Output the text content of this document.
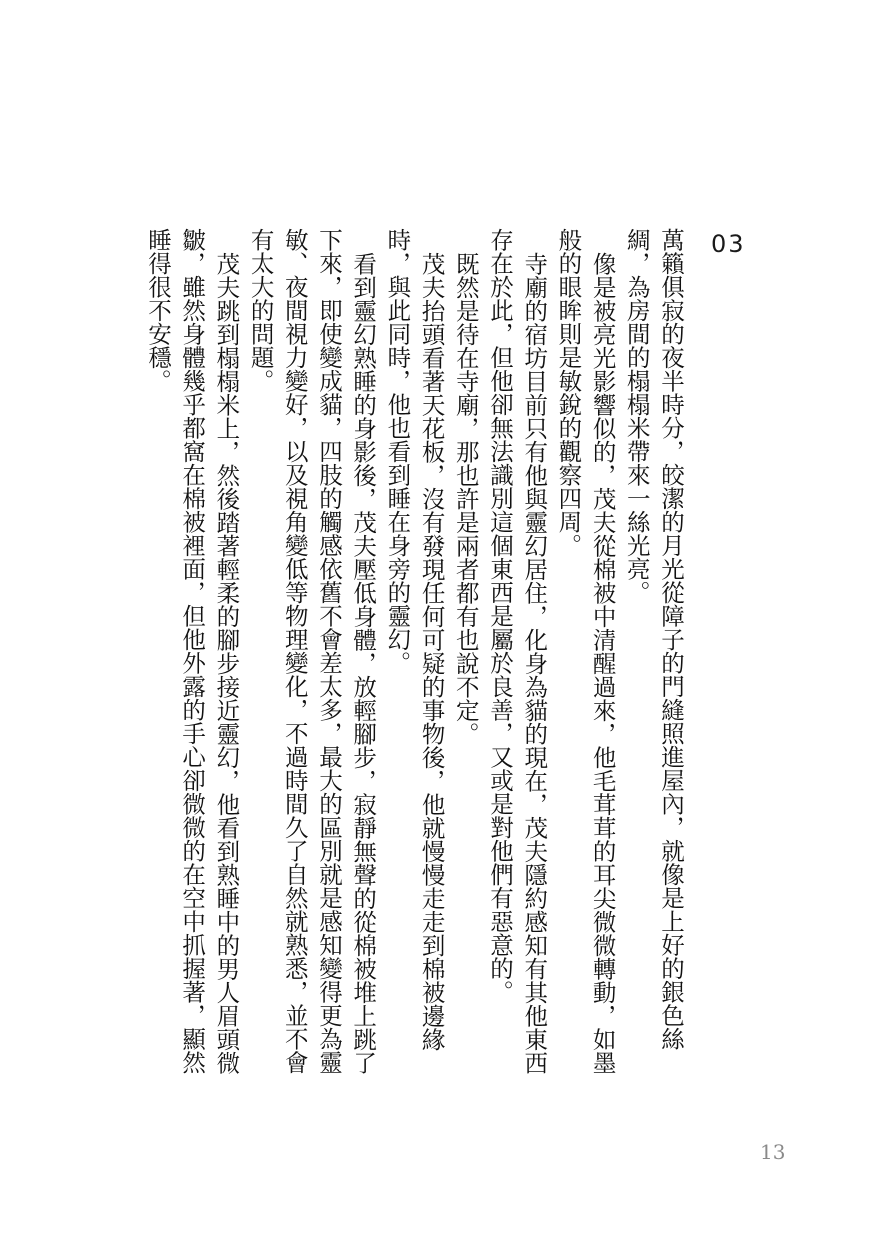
03

萬籟俱寂的夜半時分，皎潔的月光從障子的門縫照進屋內，就像是上好的銀色絲綢，為房間的榻榻米帶來一絲光亮。

像是被亮光影響似的，茂夫從棉被中清醒過來，他毛茸茸的耳尖微微轉動，如墨般的眼眸則是敏銳的觀察四周。

寺廟的宿坊目前只有他與靈幻居住，化身為貓的現在，茂夫隱約感知有其他東西存在於此，但他卻無法識別這個東西是屬於良善，又或是對他們有惡意的。

既然是待在寺廟，那也許是兩者都有也說不定。

茂夫抬頭看著天花板，沒有發現任何可疑的事物後，他就慢慢走走到棉被邊緣時，與此同時，他也看到睡在身旁的靈幻。

看到靈幻熟睡的身影後，茂夫壓低身體，放輕腳步，寂靜無聲的從棉被堆上跳了下來，即使變成貓，四肢的觸感依舊不會差太多，最大的區別就是感知變得更為靈敏、夜間視力變好，以及視角變低等物理變化，不過時間久了自然就熟悉，並不會有太大的問題。

茂夫跳到榻榻米上，然後踏著輕柔的腳步接近靈幻，他看到熟睡中的男人眉頭微皺，雖然身體幾乎都窩在棉被裡面，但他外露的手心卻微微的在空中抓握著，顯然睡得很不安穩。

13
